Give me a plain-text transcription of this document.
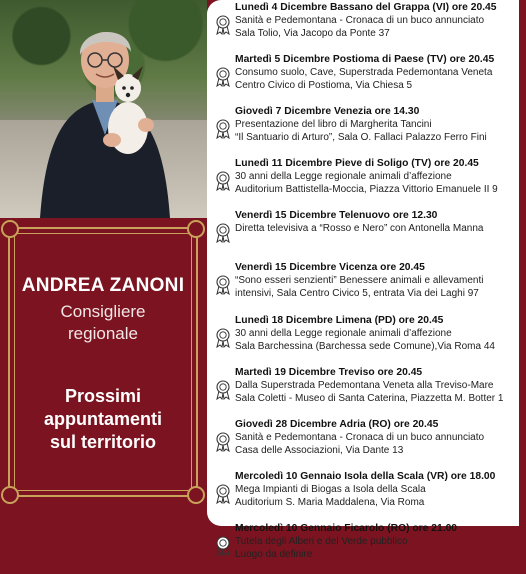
ANDREA ZANONI
Consigliere
regionale
Prossimi
appuntamenti
sul territorio
Lunedì 4 Dicembre Bassano del Grappa (VI) ore 20.45
Sanità e Pedemontana - Cronaca di un buco annunciato
Sala Tolio, Via Jacopo da Ponte 37
Martedì 5 Dicembre Postioma di Paese (TV) ore 20.45
Consumo suolo, Cave, Superstrada Pedemontana Veneta
Centro Civico di Postioma, Via Chiesa 5
Giovedì 7 Dicembre Venezia ore 14.30
Presentazione del libro di Margherita Tancini
“Il Santuario di Arturo”, Sala O. Fallaci Palazzo Ferro Fini
Lunedì 11 Dicembre Pieve di Soligo (TV) ore 20.45
30 anni della Legge regionale animali d’affezione
Auditorium Battistella-Moccia, Piazza Vittorio Emanuele II 9
Venerdì 15 Dicembre Telenuovo ore 12.30
Diretta televisiva a “Rosso e Nero” con Antonella Manna
Venerdì 15 Dicembre Vicenza ore 20.45
“Sono esseri senzienti” Benessere animali e allevamenti
intensivi, Sala Centro Civico 5, entrata Via dei Laghi 97
Lunedì 18 Dicembre Limena (PD) ore 20.45
30 anni della Legge regionale animali d’affezione
Sala Barchessina (Barchessa sede Comune),Via Roma 44
Martedì 19 Dicembre Treviso ore 20.45
Dalla Superstrada Pedemontana Veneta alla Treviso-Mare
Sala Coletti - Museo di Santa Caterina, Piazzetta M. Botter 1
Giovedì 28 Dicembre Adria (RO) ore 20.45
Sanità e Pedemontana - Cronaca di un buco annunciato
Casa delle Associazioni, Via Dante 13
Mercoledì 10 Gennaio Isola della Scala (VR) ore 18.00
Mega Impianti di Biogas a Isola della Scala
Auditorium S. Maria Maddalena, Via Roma
Mercoledì 10 Gennaio Ficarolo (RO) ore 21.00
Tutela degli Alberi e del Verde pubblico
Luogo da definire
